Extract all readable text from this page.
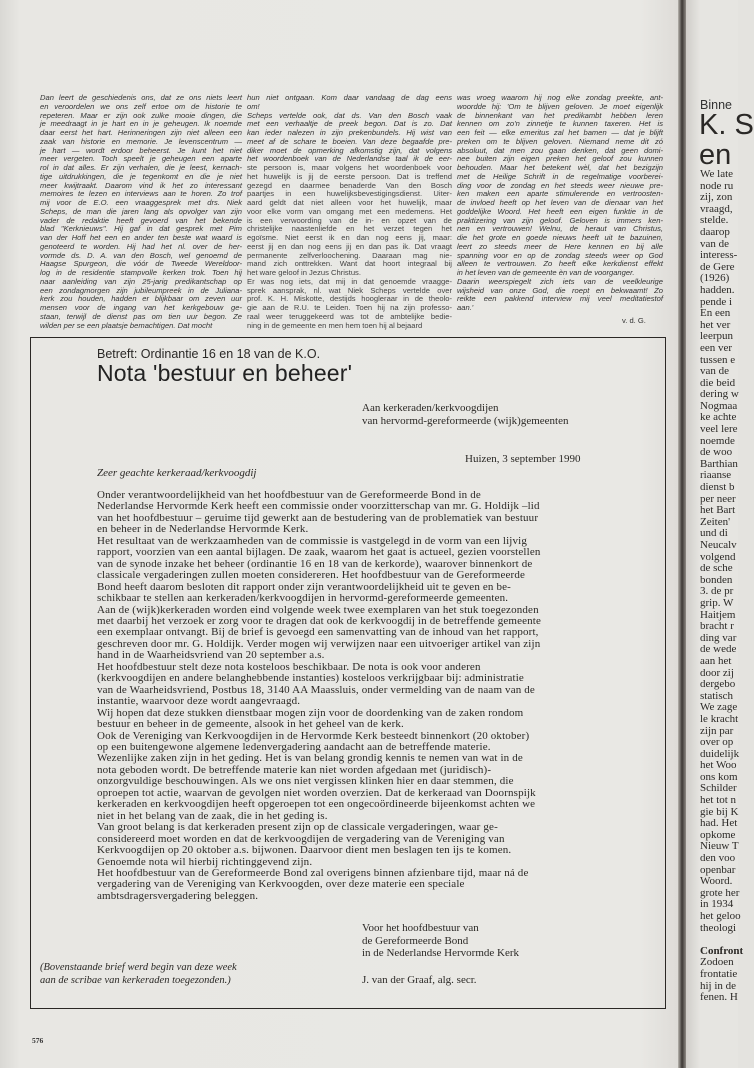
Dan leert de geschiedenis ons, dat ze ons niets leert
en veroordelen we ons zelf ertoe om de historie te
repeteren. Maar er zijn ook zulke mooie dingen, die
je meedraagt in je hart en in je geheugen. Ik noemde
daar eerst het hart. Herinneringen zijn niet alleen een
zaak van historie en memorie. Je levenscentrum —
je hart — wordt erdoor beheerst. Je kunt het niet
meer vergeten. Toch speelt je geheugen een aparte
rol in dat alles. Er zijn verhalen, die je leest, kernach-
tige uitdrukkingen, die je tegenkomt en die je niet
meer kwijtraakt. Daarom vind ik het zo interessant
memoires te lezen en interviews aan te horen. Zo trof
mij voor de E.O. een vraaggesprek met drs. Niek
Scheps, de man die jaren lang als opvolger van zijn
vader de redaktie heeft gevoerd van het bekende
blad "Kerknieuws". Hij gaf in dat gesprek met Pim
van der Hoff het een en ander ten beste wat waard is
genoteerd te worden. Hij had het nl. over de her-
vormde ds. D. A. van den Bosch, wel genoemd de
Haagse Spurgeon, die vóór de Tweede Wereldoor-
log in de residentie stampvolle kerken trok. Toen hij
naar aanleiding van zijn 25-jarig predikantschap op
een zondagmorgen zijn jubileumpreek in de Juliana-
kerk zou houden, hadden er blijkbaar om zeven uur
mensen voor de ingang van het kerkgebouw ge-
staan, terwijl de dienst pas om tien uur begon. Ze
wilden per se een plaatsje bemachtigen. Dat mocht
hun niet ontgaan. Kom daar vandaag de dag eens
om!
Scheps vertelde ook, dat ds. Van den Bosch vaak
met een verhaaltje de preek begon. Dat is zo. Dat
kan ieder nalezen in zijn prekenbundels. Hij wist van
meet af de schare te boeien. Van deze begaafde pre-
diker moet de opmerking afkomstig zijn, dat volgens
het woordenboek van de Nederlandse taal ik de eer-
ste persoon is, maar volgens het woordenboek voor
het huwelijk is jij de eerste persoon. Dat is treffend
gezegd en daarmee benaderde Van den Bosch
paartjes in een huwelijksbevestigingsdienst. Uiter-
aard geldt dat niet alleen voor het huwelijk, maar
voor elke vorm van omgang met een medemens. Het
is een verwoording van de in- en opzet van de
christelijke naastenliefde en het verzet tegen het
egoïsme. Niet eerst ik en dan nog eens jij, maar:
eerst jij en dan nog eens jij en dan pas ik. Dat vraagt
permanente zelfverloochening. Daaraan mag nie-
mand zich onttrekken. Want dat hoort integraal bij
het ware geloof in Jezus Christus.
Er was nog iets, dat mij in dat genoemde vraagge-
sprek aansprak, nl. wat Niek Scheps vertelde over
prof. K. H. Miskotte, destijds hoogleraar in de theolo-
gie aan de R.U. te Leiden. Toen hij na zijn professo-
raal weer teruggekeerd was tot de ambtelijke bedie-
ning in de gemeente en men hem toen hij al bejaard
was vroeg waarom hij nog elke zondag preekte, ant-
woordde hij: 'Om te blijven geloven. Je moet eigenlijk
de binnenkant van het predikambt hebben leren
kennen om zo'n zinnetje te kunnen taxeren. Het is
een feit — elke emeritus zal het bamen — dat je blijft
preken om te blijven geloven. Niemand neme dit zó
absoluut, dat men zou gaan denken, dat geen domi-
nee buiten zijn eigen preken het geloof zou kunnen
behouden. Maar het betekent wèl, dat het bezigzijn
met de Heilige Schrift in de regelmatige voorberei-
ding voor de zondag en het steeds weer nieuwe pre-
ken maken een aparte stimulerende en vertroosten-
de invloed heeft op het leven van de dienaar van het
goddelijke Woord. Het heeft een eigen funktie in de
praktizering van zijn geloof. Geloven is immers ken-
nen en vertrouwen! Welnu, de heraut van Christus,
die het grote en goede nieuws heeft uit te bazuinen,
leert zo steeds meer de Here kennen en bij alle
spanning voor en op de zondag steeds weer op God
alleen te vertrouwen. Zo heeft elke kerkdienst effekt
in het leven van de gemeente èn van de voorganger.
Daarin weerspiegelt zich iets van de veelkleurige
wijsheid van onze God, die roept en bekwaamt! Zo
reikte een pakkend interview mij veel meditatiestof
aan.'
v. d. G.
Betreft: Ordinantie 16 en 18 van de K.O.
Nota 'bestuur en beheer'
Aan kerkeraden/kerkvoogdijen
van hervormd-gereformeerde (wijk)gemeenten
Huizen, 3 september 1990
Zeer geachte kerkeraad/kerkvoogdij
Onder verantwoordelijkheid van het hoofdbestuur van de Gereformeerde Bond in de
Nederlandse Hervormde Kerk heeft een commissie onder voorzitterschap van mr. G. Holdijk –lid
van het hoofdbestuur – geruime tijd gewerkt aan de bestudering van de problematiek van bestuur
en beheer in de Nederlandse Hervormde Kerk.
Het resultaat van de werkzaamheden van de commissie is vastgelegd in de vorm van een lijvig
rapport, voorzien van een aantal bijlagen. De zaak, waarom het gaat is actueel, gezien voorstellen
van de synode inzake het beheer (ordinantie 16 en 18 van de kerkorde), waarover binnenkort de
classicale vergaderingen zullen moeten considereren. Het hoofdbestuur van de Gereformeerde
Bond heeft daarom besloten dit rapport onder zijn verantwoordelijkheid uit te geven en be-
schikbaar te stellen aan kerkeraden/kerkvoogdijen in hervormd-gereformeerde gemeenten.
Aan de (wijk)kerkeraden worden eind volgende week twee exemplaren van het stuk toegezonden
met daarbij het verzoek er zorg voor te dragen dat ook de kerkvoogdij in de betreffende gemeente
een exemplaar ontvangt. Bij de brief is gevoegd een samenvatting van de inhoud van het rapport,
geschreven door mr. G. Holdijk. Verder mogen wij verwijzen naar een uitvoeriger artikel van zijn
hand in de Waarheidsvriend van 20 september a.s.
Het hoofdbestuur stelt deze nota kosteloos beschikbaar. De nota is ook voor anderen
(kerkvoogdijen en andere belanghebbende instanties) kosteloos verkrijgbaar bij: administratie
van de Waarheidsvriend, Postbus 18, 3140 AA Maassluis, onder vermelding van de naam van de
instantie, waarvoor deze wordt aangevraagd.
Wij hopen dat deze stukken dienstbaar mogen zijn voor de doordenking van de zaken rondom
bestuur en beheer in de gemeente, alsook in het geheel van de kerk.
Ook de Vereniging van Kerkvoogdijen in de Hervormde Kerk besteedt binnenkort (20 oktober)
op een buitengewone algemene ledenvergadering aandacht aan de betreffende materie.
Wezenlijke zaken zijn in het geding. Het is van belang grondig kennis te nemen van wat in de
nota geboden wordt. De betreffende materie kan niet worden afgedaan met (juridisch)-
onzorgvuldige beschouwingen. Als we ons niet vergissen klinken hier en daar stemmen, die
oproepen tot actie, waarvan de gevolgen niet worden overzien. Dat de kerkeraad van Doornspijk
kerkeraden en kerkvoogdijen heeft opgeroepen tot een ongecoördineerde bijeenkomst achten we
niet in het belang van de zaak, die in het geding is.
Van groot belang is dat kerkeraden present zijn op de classicale vergaderingen, waar ge-
considereerd moet worden en dat de kerkvoogdijen de vergadering van de Vereniging van
Kerkvoogdijen op 20 oktober a.s. bijwonen. Daarvoor dient men beslagen ten ijs te komen.
Genoemde nota wil hierbij richtinggevend zijn.
Het hoofdbestuur van de Gereformeerde Bond zal overigens binnen afzienbare tijd, maar ná de
vergadering van de Vereniging van Kerkvoogden, over deze materie een speciale
ambtsdragersvergadering beleggen.
Voor het hoofdbestuur van
de Gereformeerde Bond
in de Nederlandse Hervormde Kerk
J. van der Graaf, alg. secr.
(Bovenstaande brief werd begin van deze week
aan de scribae van kerkeraden toegezonden.)
576
Binne
K. S
en
We late
node ru
zij, zon
vraagd,
stelde.
daarop
van de
interess-
de Gere
(1926)
hadden.
pende i
En een
het ver
leerpun
een ver
tussen e
van de
die beid
dering w
Nogmaa
ke achte
veel lere
noemde
de woo
Barthian
riaanse
dienst b
per neer
het Bart
Zeiten'
und di
Neucalv
volgend
de sche
bonden
3. de pr
grip. W
Haitjem
bracht r
ding var
de wede
aan het
door zij
dergebo
statisch
We zage
le kracht
zijn par
over op
duidelijk
het Woo
ons kom
Schilder
het tot n
gie bij K
had. Het
opkome
Nieuw T
den voo
openbar
Woord.
grote her
in 1934
het geloo
theologi
Confront
Zodoen
frontatie
hij in de
fenen. H
